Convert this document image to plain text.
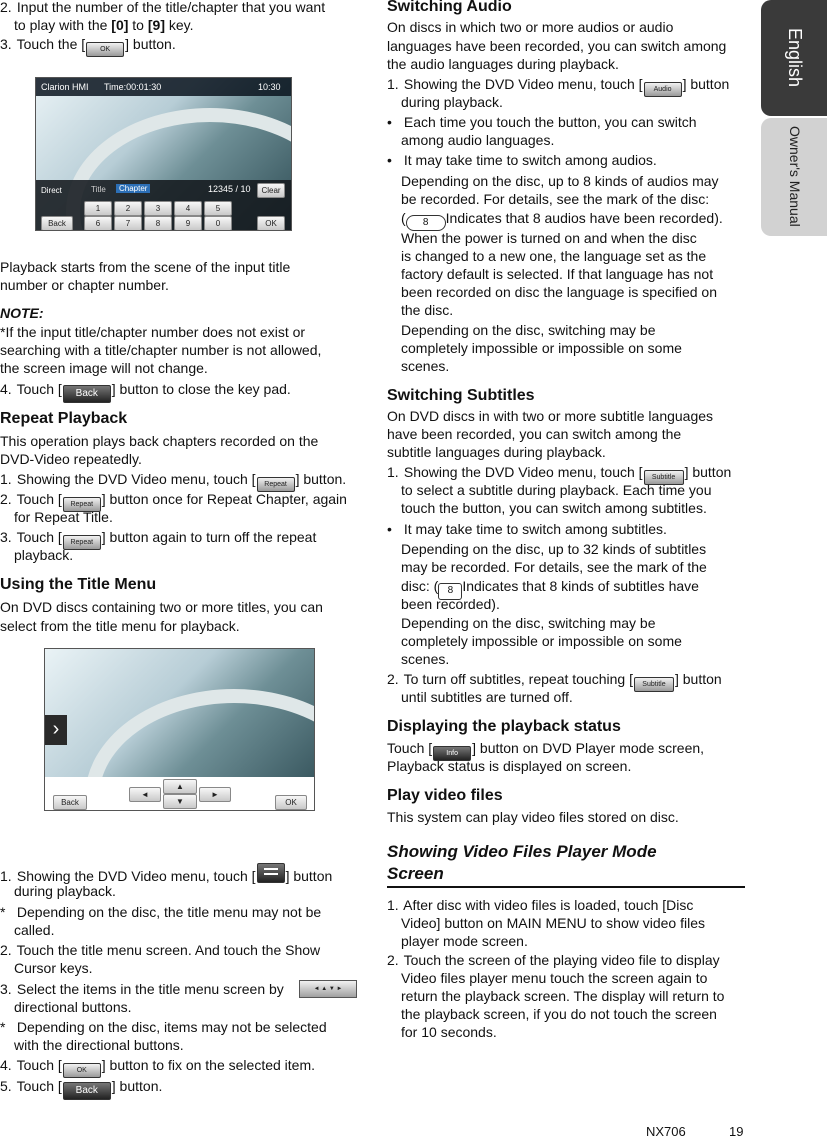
English
Owner's Manual
2. Input the number of the title/chapter that you want
to play with the [0] to [9] key.
3. Touch the [ OK ] button.
Clarion HMI Time:00:01:30	10:30
Direct	Title	Chapter	12345 / 10	Clear
1	2	3	4	5
6	7	8	9	0
Back	OK
Playback starts from the scene of the input title
number or chapter number.
NOTE:
*If the input title/chapter number does not exist or
searching with a title/chapter number is not allowed,
the screen image will not change.
4. Touch [ Back ] button to close the key pad.
Repeat Playback
This operation plays back chapters recorded on the
DVD-Video repeatedly.
1. Showing the DVD Video menu, touch [ Repeat ] button.
2. Touch [ Repeat ] button once for Repeat Chapter, again
for Repeat Title.
3. Touch [ Repeat ] button again to turn off the repeat
playback.
Using the Title Menu
On DVD discs containing two or more titles, you can
select from the title menu for playback.
›
Back
◄
▲
▼
►
OK
1. Showing the DVD Video menu, touch [ ] button
during playback.
* Depending on the disc, the title menu may not be
called.
2. Touch the title menu screen. And touch the Show
Cursor keys.
3. Select the items in the title menu screen by	◄ ▲ ▼ ►
directional buttons.
* Depending on the disc, items may not be selected
with the directional buttons.
4. Touch [ OK ] button to fix on the selected item.
5. Touch [ Back ] button.
Switching Audio
On discs in which two or more audios or audio
languages have been recorded, you can switch among
the audio languages during playback.
1. Showing the DVD Video menu, touch [ Audio ] button
during playback.
• Each time you touch the button, you can switch
among audio languages.
• It may take time to switch among audios.
Depending on the disc, up to 8 kinds of audios may
be recorded. For details, see the mark of the disc:
( 8 Indicates that 8 audios have been recorded).
When the power is turned on and when the disc
is changed to a new one, the language set as the
factory default is selected. If that language has not
been recorded on disc the language is specified on
the disc.
Depending on the disc, switching may be
completely impossible or impossible on some
scenes.
Switching Subtitles
On DVD discs in with two or more subtitle languages
have been recorded, you can switch among the
subtitle languages during playback.
1. Showing the DVD Video menu, touch [ Subtitle ] button
to select a subtitle during playback. Each time you
touch the button, you can switch among subtitles.
• It may take time to switch among subtitles.
Depending on the disc, up to 32 kinds of subtitles
may be recorded. For details, see the mark of the
disc: ( 8 Indicates that 8 kinds of subtitles have
been recorded).
Depending on the disc, switching may be
completely impossible or impossible on some
scenes.
2. To turn off subtitles, repeat touching [ Subtitle ] button
until subtitles are turned off.
Displaying the playback status
Touch [ Info ] button on DVD Player mode screen,
Playback status is displayed on screen.
Play video files
This system can play video files stored on disc.
Showing Video Files Player Mode
Screen
1. After disc with video files is loaded, touch [Disc
Video] button on MAIN MENU to show video files
player mode screen.
2. Touch the screen of the playing video file to display
Video files player menu touch the screen again to
return the playback screen. The display will return to
the playback screen, if you do not touch the screen
for 10 seconds.
NX706	19
